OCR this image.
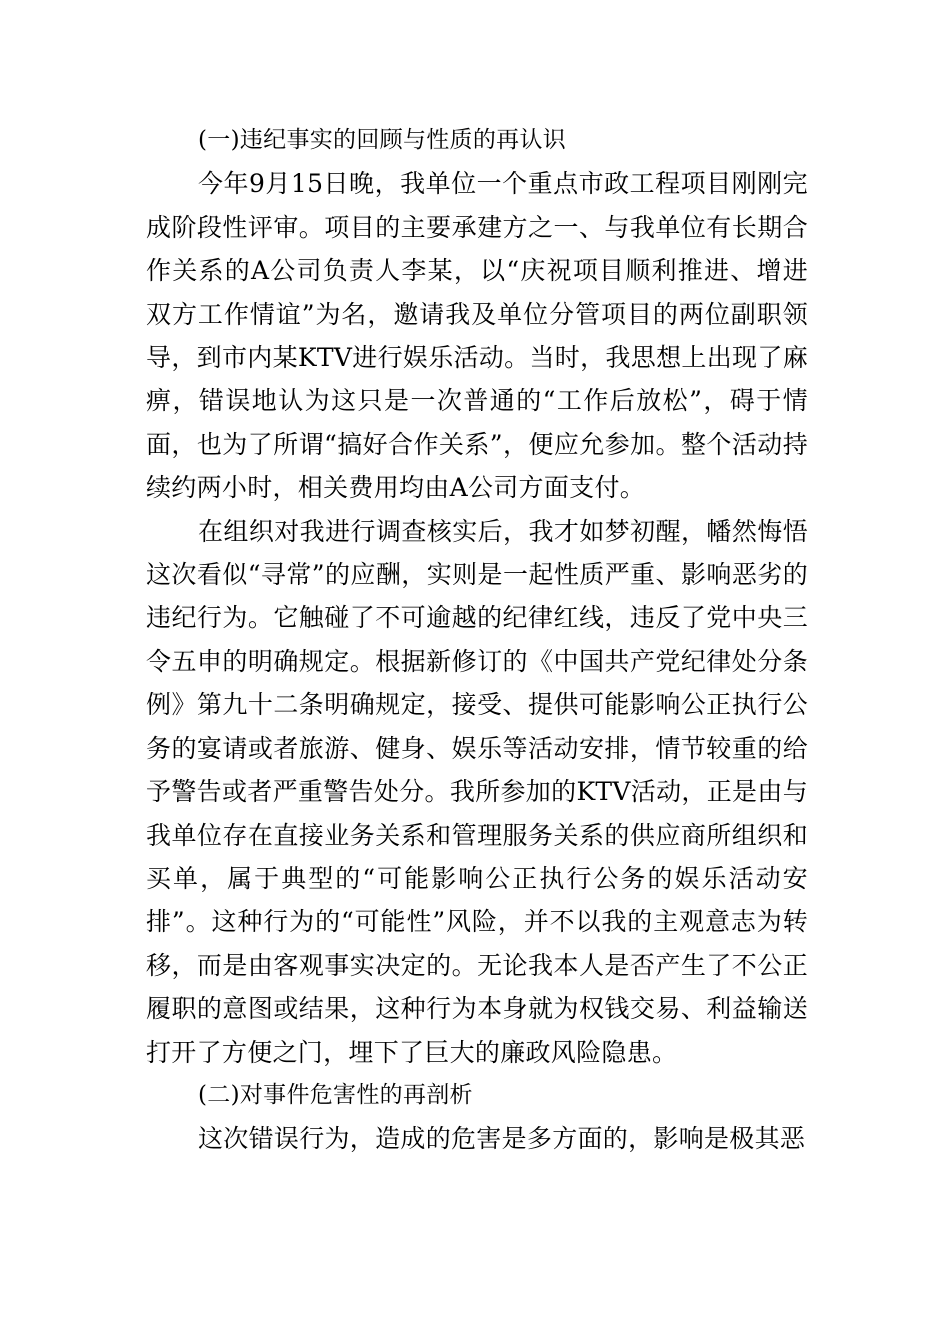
(一)违纪事实的回顾与性质的再认识

今年9月15日晚，我单位一个重点市政工程项目刚刚完成阶段性评审。项目的主要承建方之一、与我单位有长期合作关系的A公司负责人李某，以“庆祝项目顺利推进、增进双方工作情谊”为名，邀请我及单位分管项目的两位副职领导，到市内某KTV进行娱乐活动。当时，我思想上出现了麻痹，错误地认为这只是一次普通的“工作后放松”，碍于情面，也为了所谓“搞好合作关系”，便应允参加。整个活动持续约两小时，相关费用均由A公司方面支付。

在组织对我进行调查核实后，我才如梦初醒，幡然悔悟这次看似“寻常”的应酬，实则是一起性质严重、影响恶劣的违纪行为。它触碰了不可逾越的纪律红线，违反了党中央三令五申的明确规定。根据新修订的《中国共产党纪律处分条例》第九十二条明确规定，接受、提供可能影响公正执行公务的宴请或者旅游、健身、娱乐等活动安排，情节较重的给予警告或者严重警告处分。我所参加的KTV活动，正是由与我单位存在直接业务关系和管理服务关系的供应商所组织和买单，属于典型的“可能影响公正执行公务的娱乐活动安排”。这种行为的“可能性”风险，并不以我的主观意志为转移，而是由客观事实决定的。无论我本人是否产生了不公正履职的意图或结果，这种行为本身就为权钱交易、利益输送打开了方便之门，埋下了巨大的廉政风险隐患。

(二)对事件危害性的再剖析

这次错误行为，造成的危害是多方面的，影响是极其恶
